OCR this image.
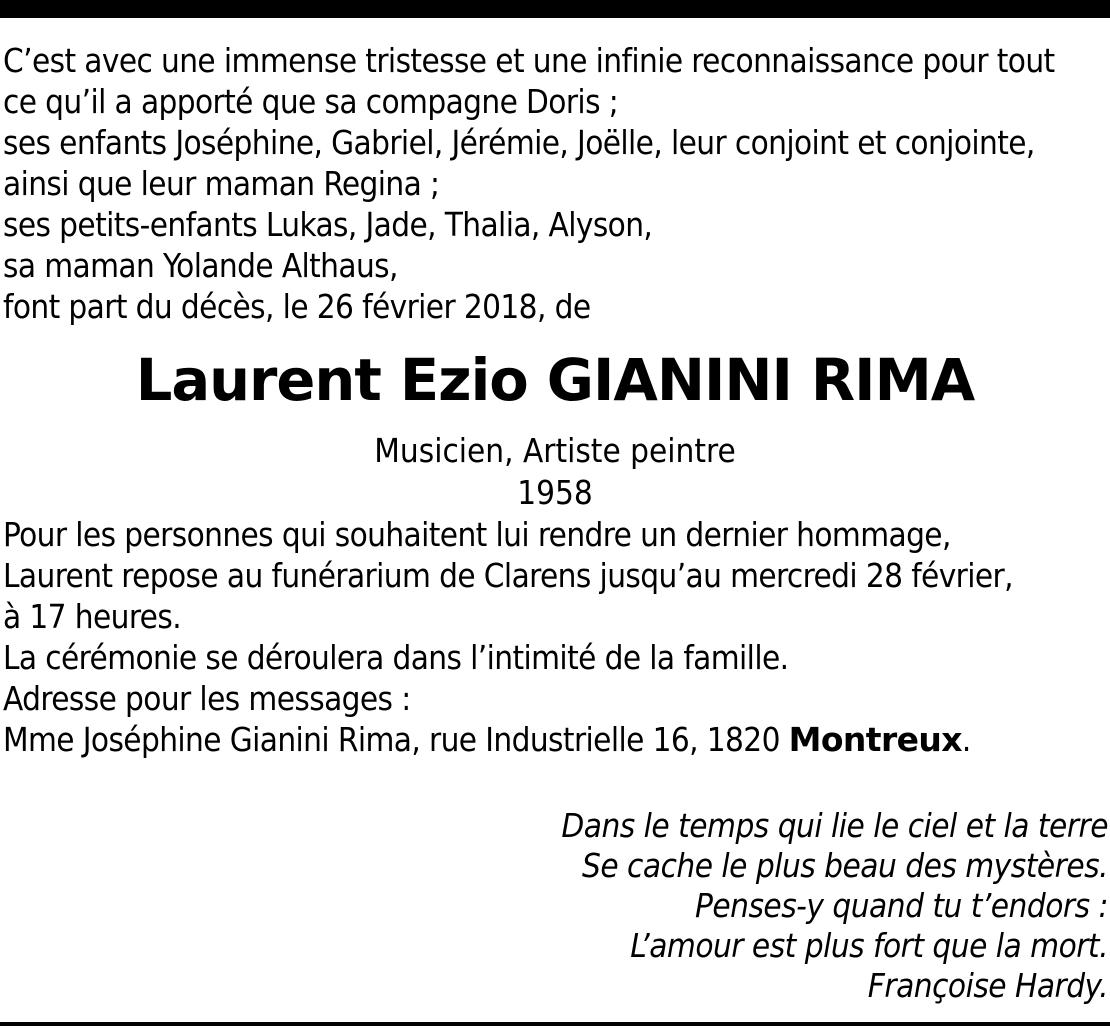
C’est avec une immense tristesse et une infinie reconnaissance pour tout
ce qu’il a apporté que sa compagne Doris ;
ses enfants Joséphine, Gabriel, Jérémie, Joëlle, leur conjoint et conjointe,
ainsi que leur maman Regina ;
ses petits-enfants Lukas, Jade, Thalia, Alyson,
sa maman Yolande Althaus,
font part du décès, le 26 février 2018, de
Laurent Ezio GIANINI RIMA
Musicien, Artiste peintre
1958
Pour les personnes qui souhaitent lui rendre un dernier hommage,
Laurent repose au funérarium de Clarens jusqu’au mercredi 28 février,
à 17 heures.
La cérémonie se déroulera dans l’intimité de la famille.
Adresse pour les messages :
Mme Joséphine Gianini Rima, rue Industrielle 16, 1820 Montreux.
Dans le temps qui lie le ciel et la terre
Se cache le plus beau des mystères.
Penses-y quand tu t’endors :
L’amour est plus fort que la mort.
Françoise Hardy.
